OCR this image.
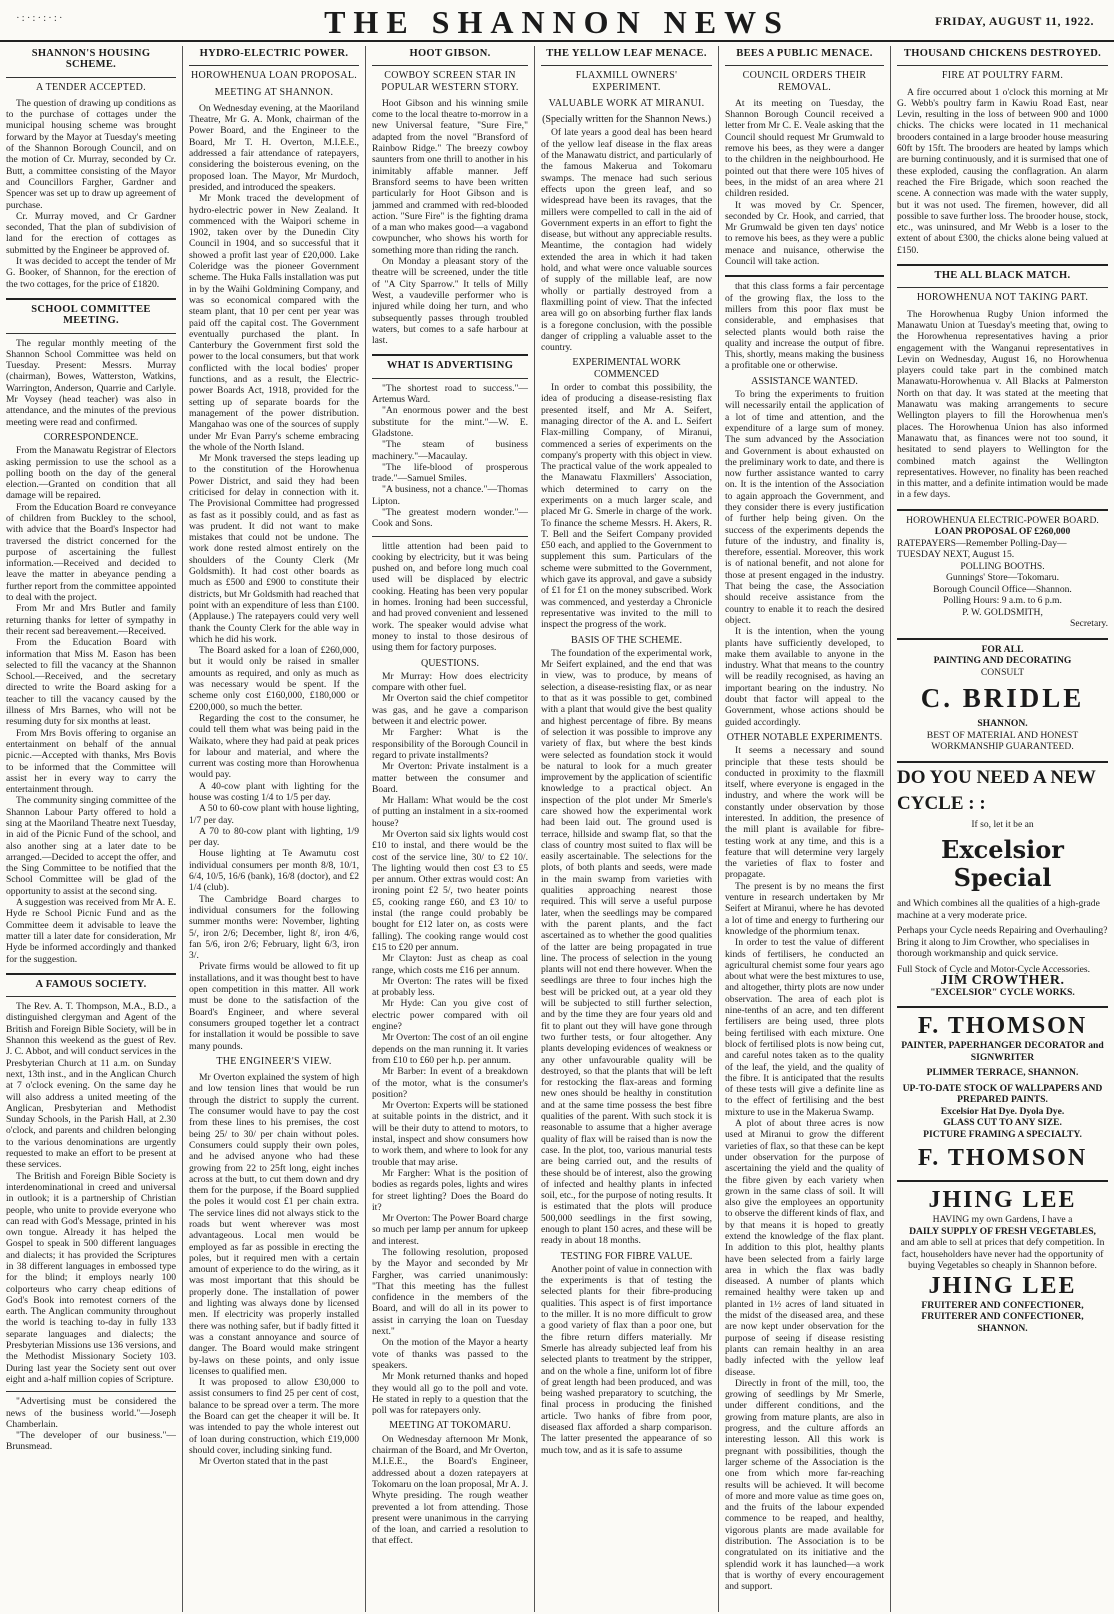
·:·:·:·:·	THE SHANNON NEWS	FRIDAY, AUGUST 11, 1922.
SHANNON'S HOUSING SCHEME.
A TENDER ACCEPTED.

The question of drawing up conditions as to the purchase of cottages under the municipal housing scheme was brought forward by the Mayor at Tuesday's meeting of the Shannon Borough Council, and on the motion of Cr. Murray, seconded by Cr. Butt, a committee consisting of the Mayor and Councillors Fargher, Gardner and Spencer was set up to draw up agreement of purchase.

Cr. Murray moved, and Cr Gardner seconded, That the plan of subdivision of land for the erection of cottages as submitted by the Engineer be approved of.

It was decided to accept the tender of Mr G. Booker, of Shannon, for the erection of the two cottages, for the price of £1820.

SCHOOL COMMITTEE MEETING.

The regular monthly meeting of the Shannon School Committee was held on Tuesday. Present: Messrs. Murray (chairman), Bowes, Watterston, Watkins, Warrington, Anderson, Quarrie and Carlyle. Mr Voysey (head teacher) was also in attendance, and the minutes of the previous meeting were read and confirmed.

CORRESPONDENCE.

From the Manawatu Registrar of Electors asking permission to use the school as a polling booth on the day of the general election.—Granted on condition that all damage will be repaired.

From the Education Board re conveyance of children from Buckley to the school, with advice that the Board's Inspector had traversed the district concerned for the purpose of ascertaining the fullest information.—Received and decided to leave the matter in abeyance pending a further report from the committee appointed to deal with the project.

From Mr and Mrs Butler and family returning thanks for letter of sympathy in their recent sad bereavement.—Received.

From the Education Board with information that Miss M. Eason has been selected to fill the vacancy at the Shannon School.—Received, and the secretary directed to write the Board asking for a teacher to till the vacancy caused by the illness of Mrs Barnes, who will not be resuming duty for six months at least.

From Mrs Bovis offering to organise an entertainment on behalf of the annual picnic.—Accepted with thanks, Mrs Bovis to be informed that the Committee will assist her in every way to carry the entertainment through.

The community singing committee of the Shannon Labour Party offered to hold a sing at the Maoriland Theatre next Tuesday, in aid of the Picnic Fund of the school, and also another sing at a later date to be arranged.—Decided to accept the offer, and the Sing Committee to be notified that the School Committee will be glad of the opportunity to assist at the second sing.

A suggestion was received from Mr A. E. Hyde re School Picnic Fund and as the Committee deem it advisable to leave the matter till a later date for consideration, Mr Hyde be informed accordingly and thanked for the suggestion.

A FAMOUS SOCIETY.

The Rev. A. T. Thompson, M.A., B.D., a distinguished clergyman and Agent of the British and Foreign Bible Society, will be in Shannon this weekend as the guest of Rev. J. C. Abbot, and will conduct services in the Presbyterian Church at 11 a.m. on Sunday next, 13th inst., and in the Anglican Church at 7 o'clock evening. On the same day he will also address a united meeting of the Anglican, Presbyterian and Methodist Sunday Schools, in the Parish Hall, at 2.30 o'clock, and parents and children belonging to the various denominations are urgently requested to make an effort to be present at these services.

The British and Foreign Bible Society is interdenominational in creed and universal in outlook; it is a partnership of Christian people, who unite to provide everyone who can read with God's Message, printed in his own tongue. Already it has helped the Gospel to speak in 500 different languages and dialects; it has provided the Scriptures in 38 different languages in embossed type for the blind; it employs nearly 100 colporteurs who carry cheap editions of God's Book into remotest corners of the earth. The Anglican community throughout the world is teaching to-day in fully 133 separate languages and dialects; the Presbyterian Missions use 136 versions, and the Methodist Missionary Society 103. During last year the Society sent out over eight and a-half million copies of Scripture.

"Advertising must be considered the news of the business world."—Joseph Chamberlain.

"The developer of our business."—Brunsmead.

HYDRO-ELECTRIC POWER.
HOROWHENUA LOAN PROPOSAL.
MEETING AT SHANNON.

On Wednesday evening, at the Maoriland Theatre, Mr G. A. Monk, chairman of the Power Board, and the Engineer to the Board, Mr T. H. Overton, M.I.E.E., addressed a fair attendance of ratepayers, considering the boisterous evening, on the proposed loan. The Mayor, Mr Murdoch, presided, and introduced the speakers.

Mr Monk traced the development of hydro-electric power in New Zealand. It commenced with the Waipori scheme in 1902, taken over by the Dunedin City Council in 1904, and so successful that it showed a profit last year of £20,000. Lake Coleridge was the pioneer Government scheme. The Huka Falls installation was put in by the Waihi Goldmining Company, and was so economical compared with the steam plant, that 10 per cent per year was paid off the capital cost. The Government eventually purchased the plant. In Canterbury the Government first sold the power to the local consumers, but that work conflicted with the local bodies' proper functions, and as a result, the Electric-power Boards Act, 1918, provided for the setting up of separate boards for the management of the power distribution. Mangahao was one of the sources of supply under Mr Evan Parry's scheme embracing the whole of the North Island.

Mr Monk traversed the steps leading up to the constitution of the Horowhenua Power District, and said they had been criticised for delay in connection with it. The Provisional Committee had progressed as fast as it possibly could, and as fast as was prudent. It did not want to make mistakes that could not be undone. The work done rested almost entirely on the shoulders of the County Clerk (Mr Goldsmith). It had cost other boards as much as £500 and £900 to constitute their districts, but Mr Goldsmith had reached that point with an expenditure of less than £100. (Applause.) The ratepayers could very well thank the County Clerk for the able way in which he did his work.

The Board asked for a loan of £260,000, but it would only be raised in smaller amounts as required, and only as much as was necessary would be spent. If the scheme only cost £160,000, £180,000 or £200,000, so much the better.

Regarding the cost to the consumer, he could tell them what was being paid in the Waikato, where they had paid at peak prices for labour and material, and where the current was costing more than Horowhenua would pay.

A 40-cow plant with lighting for the house was costing 1/4 to 1/5 per day.

A 50 to 60-cow plant with house lighting, 1/7 per day.

A 70 to 80-cow plant with lighting, 1/9 per day.

House lighting at Te Awamutu cost individual consumers per month 8/8, 10/1, 6/4, 10/5, 16/6 (bank), 16/8 (doctor), and £2 1/4 (club).

The Cambridge Board charges to individual consumers for the following summer months were: November, lighting 5/, iron 2/6; December, light 8/, iron 4/6, fan 5/6, iron 2/6; February, light 6/3, iron 3/.

Private firms would be allowed to fit up installations, and it was thought best to have open competition in this matter. All work must be done to the satisfaction of the Board's Engineer, and where several consumers grouped together let a contract for installation it would be possible to save many pounds.

THE ENGINEER'S VIEW.

Mr Overton explained the system of high and low tension lines that would be run through the district to supply the current. The consumer would have to pay the cost from these lines to his premises, the cost being 25/ to 30/ per chain without poles. Consumers could supply their own poles, and he advised anyone who had these growing from 22 to 25ft long, eight inches across at the butt, to cut them down and dry them for the purpose, if the Board supplied the poles it would cost £1 per chain extra. The service lines did not always stick to the roads but went wherever was most advantageous. Local men would be employed as far as possible in erecting the poles, but it required men with a certain amount of experience to do the wiring, as it was most important that this should be properly done. The installation of power and lighting was always done by licensed men. If electricity was properly installed there was nothing safer, but if badly fitted it was a constant annoyance and source of danger. The Board would make stringent by-laws on these points, and only issue licenses to qualified men.

It was proposed to allow £30,000 to assist consumers to find 25 per cent of cost, balance to be spread over a term. The more the Board can get the cheaper it will be. It was intended to pay the whole interest out of loan during construction, which £19,000 should cover, including sinking fund.

Mr Overton stated that in the past

HOOT GIBSON.
COWBOY SCREEN STAR IN POPULAR WESTERN STORY.

Hoot Gibson and his winning smile come to the local theatre to-morrow in a new Universal feature, "Sure Fire," adapted from the novel "Bransford of Rainbow Ridge." The breezy cowboy saunters from one thrill to another in his inimitably affable manner. Jeff Bransford seems to have been written particularly for Hoot Gibson and is jammed and crammed with red-blooded action. "Sure Fire" is the fighting drama of a man who makes good—a vagabond cowpuncher, who shows his worth for something more than riding the ranch.

On Monday a pleasant story of the theatre will be screened, under the title of "A City Sparrow." It tells of Milly West, a vaudeville performer who is injured while doing her turn, and who subsequently passes through troubled waters, but comes to a safe harbour at last.

WHAT IS ADVERTISING

"The shortest road to success."—Artemus Ward.

"An enormous power and the best substitute for the mint."—W. E. Gladstone.

"The steam of business machinery."—Macaulay.

"The life-blood of prosperous trade."—Samuel Smiles.

"A business, not a chance."—Thomas Lipton.

"The greatest modern wonder."—Cook and Sons.

little attention had been paid to cooking by electricity, but it was being pushed on, and before long much coal used will be displaced by electric cooking. Heating has been very popular in homes. Ironing had been successful, and had proved convenient and lessened work. The speaker would advise what money to instal to those desirous of using them for factory purposes.

QUESTIONS.

Mr Murray: How does electricity compare with other fuel.

Mr Overton said the chief competitor was gas, and he gave a comparison between it and electric power.

Mr Fargher: What is the responsibility of the Borough Council in regard to private installments?

Mr Overton: Private instalment is a matter between the consumer and Board.

Mr Hallam: What would be the cost of putting an instalment in a six-roomed house?

Mr Overton said six lights would cost £10 to instal, and there would be the cost of the service line, 30/ to £2 10/. The lighting would then cost £3 to £5 per annum. Other extras would cost: An ironing point £2 5/, two heater points £5, cooking range £60, and £3 10/ to instal (the range could probably be bought for £12 later on, as costs were falling). The cooking range would cost £15 to £20 per annum.

Mr Clayton: Just as cheap as coal range, which costs me £16 per annum.

Mr Overton: The rates will be fixed at probably less.

Mr Hyde: Can you give cost of electric power compared with oil engine?

Mr Overton: The cost of an oil engine depends on the man running it. It varies from £10 to £60 per h.p. per annum.

Mr Barber: In event of a breakdown of the motor, what is the consumer's position?

Mr Overton: Experts will be stationed at suitable points in the district, and it will be their duty to attend to motors, to instal, inspect and show consumers how to work them, and where to look for any trouble that may arise.

Mr Fargher: What is the position of bodies as regards poles, lights and wires for street lighting? Does the Board do it?

Mr Overton: The Power Board charge so much per lamp per annum for upkeep and interest.

The following resolution, proposed by the Mayor and seconded by Mr Fargher, was carried unanimously: "That this meeting has the fullest confidence in the members of the Board, and will do all in its power to assist in carrying the loan on Tuesday next."

On the motion of the Mayor a hearty vote of thanks was passed to the speakers.

Mr Monk returned thanks and hoped they would all go to the poll and vote. He stated in reply to a question that the poll was for ratepayers only.

MEETING AT TOKOMARU.

On Wednesday afternoon Mr Monk, chairman of the Board, and Mr Overton, M.I.E.E., the Board's Engineer, addressed about a dozen ratepayers at Tokomaru on the loan proposal, Mr A. J. Whyte presiding. The rough weather prevented a lot from attending. Those present were unanimous in the carrying of the loan, and carried a resolution to that effect.

THE YELLOW LEAF MENACE.
FLAXMILL OWNERS' EXPERIMENT.
VALUABLE WORK AT MIRANUI.
(Specially written for the Shannon News.)

Of late years a good deal has been heard of the yellow leaf disease in the flax areas of the Manawatu district, and particularly of the famous Makerua and Tokomaru swamps. The menace had such serious effects upon the green leaf, and so widespread have been its ravages, that the millers were compelled to call in the aid of Government experts in an effort to fight the disease, but without any appreciable results. Meantime, the contagion had widely extended the area in which it had taken hold, and what were once valuable sources of supply of the millable leaf, are now wholly or partially destroyed from a flaxmilling point of view. That the infected area will go on absorbing further flax lands is a foregone conclusion, with the possible danger of crippling a valuable asset to the country.

EXPERIMENTAL WORK COMMENCED

In order to combat this possibility, the idea of producing a disease-resisting flax presented itself, and Mr A. Seifert, managing director of the A. and L. Seifert Flax-milling Company, of Miranui, commenced a series of experiments on the company's property with this object in view. The practical value of the work appealed to the Manawatu Flaxmillers' Association, which determined to carry on the experiments on a much larger scale, and placed Mr G. Smerle in charge of the work. To finance the scheme Messrs. H. Akers, R. T. Bell and the Seifert Company provided £50 each, and applied to the Government to supplement this sum. Particulars of the scheme were submitted to the Government, which gave its approval, and gave a subsidy of £1 for £1 on the money subscribed. Work was commenced, and yesterday a Chronicle representative was invited to the mill to inspect the progress of the work.

BASIS OF THE SCHEME.

The foundation of the experimental work, Mr Seifert explained, and the end that was in view, was to produce, by means of selection, a disease-resisting flax, or as near to that as it was possible to get, combined with a plant that would give the best quality and highest percentage of fibre. By means of selection it was possible to improve any variety of flax, but where the best kinds were selected as foundation stock it would be natural to look for a much greater improvement by the application of scientific knowledge to a practical object. An inspection of the plot under Mr Smerle's care showed how the experimental work had been laid out. The ground used is terrace, hillside and swamp flat, so that the class of country most suited to flax will be easily ascertainable. The selections for the plots, of both plants and seeds, were made in the main swamp from varieties with qualities approaching nearest those required. This will serve a useful purpose later, when the seedlings may be compared with the parent plants, and the fact ascertained as to whether the good qualities of the latter are being propagated in true line. The process of selection in the young plants will not end there however. When the seedlings are three to four inches high the best will be pricked out, at a year old they will be subjected to still further selection, and by the time they are four years old and fit to plant out they will have gone through two further tests, or four altogether. Any plants developing evidences of weakness or any other unfavourable quality will be destroyed, so that the plants that will be left for restocking the flax-areas and forming new ones should be healthy in constitution and at the same time possess the best fibre qualities of the parent. With such stock it is reasonable to assume that a higher average quality of flax will be raised than is now the case. In the plot, too, various manurial tests are being carried out, and the results of these should be of interest, also the growing of infected and healthy plants in infected soil, etc., for the purpose of noting results. It is estimated that the plots will produce 500,000 seedlings in the first sowing, enough to plant 150 acres, and these will be ready in about 18 months.

TESTING FOR FIBRE VALUE.

Another point of value in connection with the experiments is that of testing the selected plants for their fibre-producing qualities. This aspect is of first importance to the miller. It is no more difficult to grow a good variety of flax than a poor one, but the fibre return differs materially. Mr Smerle has already subjected leaf from his selected plants to treatment by the stripper, and on the whole a fine, uniform lot of fibre of great length had been produced, and was being washed preparatory to scutching, the final process in producing the finished article. Two hanks of fibre from poor, diseased flax afforded a sharp comparison. The latter presented the appearance of so much tow, and as it is safe to assume

BEES A PUBLIC MENACE.
COUNCIL ORDERS THEIR REMOVAL.

At its meeting on Tuesday, the Shannon Borough Council received a letter from Mr C. E. Veale asking that the Council should request Mr Grumwald to remove his bees, as they were a danger to the children in the neighbourhood. He pointed out that there were 105 hives of bees, in the midst of an area where 21 children resided.

It was moved by Cr. Spencer, seconded by Cr. Hook, and carried, that Mr Grumwald be given ten days' notice to remove his bees, as they were a public menace and nuisance, otherwise the Council will take action.

that this class forms a fair percentage of the growing flax, the loss to the millers from this poor flax must be considerable, and emphasises that selected plants would both raise the quality and increase the output of fibre. This, shortly, means making the business a profitable one or otherwise.

ASSISTANCE WANTED.

To bring the experiments to fruition will necessarily entail the application of a lot of time and attention, and the expenditure of a large sum of money. The sum advanced by the Association and Government is about exhausted on the preliminary work to date, and there is now further assistance wanted to carry on. It is the intention of the Association to again approach the Government, and they consider there is every justification of further help being given. On the success of the experiments depends the future of the industry, and finality is, therefore, essential. Moreover, this work is of national benefit, and not alone for those at present engaged in the industry. That being the case, the Association should receive assistance from the country to enable it to reach the desired object.

It is the intention, when the young plants have sufficiently developed, to make them available to anyone in the industry. What that means to the country will be readily recognised, as having an important bearing on the industry. No doubt that factor will appeal to the Government, whose actions should be guided accordingly.

OTHER NOTABLE EXPERIMENTS.

It seems a necessary and sound principle that these tests should be conducted in proximity to the flaxmill itself, where everyone is engaged in the industry, and where the work will be constantly under observation by those interested. In addition, the presence of the mill plant is available for fibre-testing work at any time, and this is a feature that will determine very largely the varieties of flax to foster and propagate.

The present is by no means the first venture in research undertaken by Mr Seifert at Miranui, where he has devoted a lot of time and energy to furthering our knowledge of the phormium tenax.

In order to test the value of different kinds of fertilisers, he conducted an agricultural chemist some four years ago about what were the best mixtures to use, and altogether, thirty plots are now under observation. The area of each plot is nine-tenths of an acre, and ten different fertilisers are being used, three plots being fertilised with each mixture. One block of fertilised plots is now being cut, and careful notes taken as to the quality of the leaf, the yield, and the quality of the fibre. It is anticipated that the results of these tests will give a definite line as to the effect of fertilising and the best mixture to use in the Makerua Swamp.

A plot of about three acres is now used at Miranui to grow the different varieties of flax, so that these can be kept under observation for the purpose of ascertaining the yield and the quality of the fibre given by each variety when grown in the same class of soil. It will also give the employees an opportunity to observe the different kinds of flax, and by that means it is hoped to greatly extend the knowledge of the flax plant. In addition to this plot, healthy plants have been selected from a fairly large area in which the flax was badly diseased. A number of plants which remained healthy were taken up and planted in 1½ acres of land situated in the midst of the diseased area, and these are now kept under observation for the purpose of seeing if disease resisting plants can remain healthy in an area badly infected with the yellow leaf disease.

Directly in front of the mill, too, the growing of seedlings by Mr Smerle, under different conditions, and the growing from mature plants, are also in progress, and the culture affords an interesting lesson. All this work is pregnant with possibilities, though the larger scheme of the Association is the one from which more far-reaching results will be achieved. It will become of more and more value as time goes on, and the fruits of the labour expended commence to be reaped, and healthy, vigorous plants are made available for distribution. The Association is to be congratulated on its initiative and the splendid work it has launched—a work that is worthy of every encouragement and support.

THOUSAND CHICKENS DESTROYED.
FIRE AT POULTRY FARM.

A fire occurred about 1 o'clock this morning at Mr G. Webb's poultry farm in Kawiu Road East, near Levin, resulting in the loss of between 900 and 1000 chicks. The chicks were located in 11 mechanical brooders contained in a large brooder house measuring 60ft by 15ft. The brooders are heated by lamps which are burning continuously, and it is surmised that one of these exploded, causing the conflagration. An alarm reached the Fire Brigade, which soon reached the scene. A connection was made with the water supply, but it was not used. The firemen, however, did all possible to save further loss. The brooder house, stock, etc., was uninsured, and Mr Webb is a loser to the extent of about £300, the chicks alone being valued at £150.

THE ALL BLACK MATCH.
HOROWHENUA NOT TAKING PART.

The Horowhenua Rugby Union informed the Manawatu Union at Tuesday's meeting that, owing to the Horowhenua representatives having a prior engagement with the Wanganui representatives in Levin on Wednesday, August 16, no Horowhenua players could take part in the combined match Manawatu-Horowhenua v. All Blacks at Palmerston North on that day. It was stated at the meeting that Manawatu was making arrangements to secure Wellington players to fill the Horowhenua men's places. The Horowhenua Union has also informed Manawatu that, as finances were not too sound, it hesitated to send players to Wellington for the combined match against the Wellington representatives. However, no finality has been reached in this matter, and a definite intimation would be made in a few days.

HOROWHENUA ELECTRIC-POWER BOARD.
LOAN PROPOSAL OF £260,000
RATEPAYERS—Remember Polling-Day—TUESDAY NEXT, August 15.
POLLING BOOTHS.
Gunnings' Store—Tokomaru.
Borough Council Office—Shannon.
Polling Hours: 9 a.m. to 6 p.m.
P. W. GOLDSMITH,
Secretary.
FOR ALL
PAINTING AND DECORATING
CONSULT
C. BRIDLE
SHANNON.
BEST OF MATERIAL AND HONEST WORKMANSHIP GUARANTEED.
DO YOU NEED A NEW
CYCLE : :
If so, let it be an
Excelsior Special
and Which combines all the qualities of a high-grade machine at a very moderate price.
Perhaps your Cycle needs Repairing and Overhauling? Bring it along to Jim Crowther, who specialises in thorough workmanship and quick service.
Full Stock of Cycle and Motor-Cycle Accessories.
JIM CROWTHER.
"EXCELSIOR" CYCLE WORKS.
F. THOMSON
PAINTER, PAPERHANGER DECORATOR and SIGNWRITER
PLIMMER TERRACE, SHANNON.
UP-TO-DATE STOCK OF WALLPAPERS AND PREPARED PAINTS.
Excelsior Hat Dye. Dyola Dye.
GLASS CUT TO ANY SIZE.
PICTURE FRAMING A SPECIALTY.
F. THOMSON
JHING LEE
HAVING my own Gardens, I have a
DAILY SUPPLY OF FRESH VEGETABLES,
and am able to sell at prices that defy competition. In fact, householders have never had the opportunity of buying Vegetables so cheaply in Shannon before.
JHING LEE
FRUITERER AND CONFECTIONER, FRUITERER AND CONFECTIONER,
SHANNON.
